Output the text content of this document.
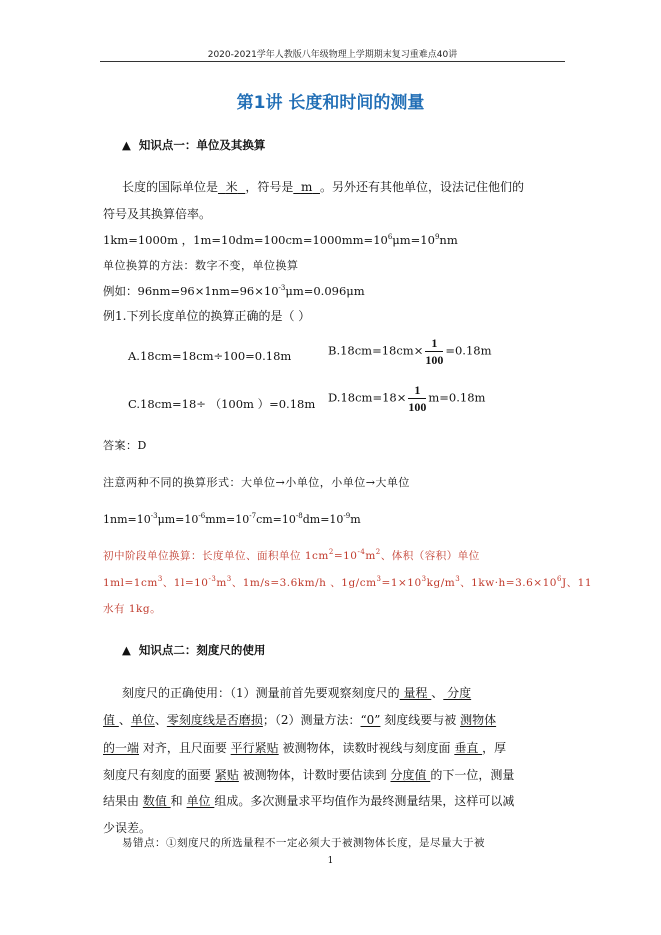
2020-2021学年人教版八年级物理上学期期末复习重难点40讲
第1讲 长度和时间的测量
▲ 知识点一：单位及其换算
长度的国际单位是 米 ，符号是 m 。另外还有其他单位，设法记住他们的
符号及其换算倍率。
1km=1000m ，$1m=10dm=100cm=1000mm=10^6\mu m=10^9nm$
单位换算的方法：数字不变，单位换算
例如：$96nm=96\times 1nm=96\times 10^{-3}\mu m=0.096\mu m$
例1.下列长度单位的换算正确的是（ ）
A.18cm=18cm÷100=0.18m	$B.18cm=18cm\times \frac{1}{100} =0.18m$
C.18cm=18÷ （100m ）=0.18m $D.18cm=18\times \frac{1}{100} m=0.18m$
答案：D
注意两种不同的换算形式：大单位→小单位，小单位→大单位
$1nm=10^{-3}\mu m=10^{-6}mm=10^{-7}cm=10^{-8}dm=10^{-9}m$
初中阶段单位换算：长度单位、面积单位 $1cm^2=10^{-4}m^2$、体积（容积）单位
$1ml=1cm^3$、$1l=10^{-3}m^3$、1m/s=3.6km/h 、$1g/cm^3=1\times 10^3kg/m^3$、$1kw\cdot h=3.6\times 10^6J$、11
水有 1kg。
▲ 知识点二：刻度尺的使用
刻度尺的正确使用：（1）测量前首先要观察刻度尺的 量程 、 分度
值 、单位、零刻度线是否磨损；（2）测量方法：“0” 刻度线要与被 测物体
的一端 对齐，且尺面要 平行紧贴 被测物体，读数时视线与刻度面 垂直 ，厚
刻度尺有刻度的面要 紧贴 被测物体，计数时要估读到 分度值 的下一位，测量
结果由 数值 和 单位 组成。多次测量求平均值作为最终测量结果，这样可以减
少误差。
易错点：①刻度尺的所选量程不一定必须大于被测物体长度，是尽量大于被
1
